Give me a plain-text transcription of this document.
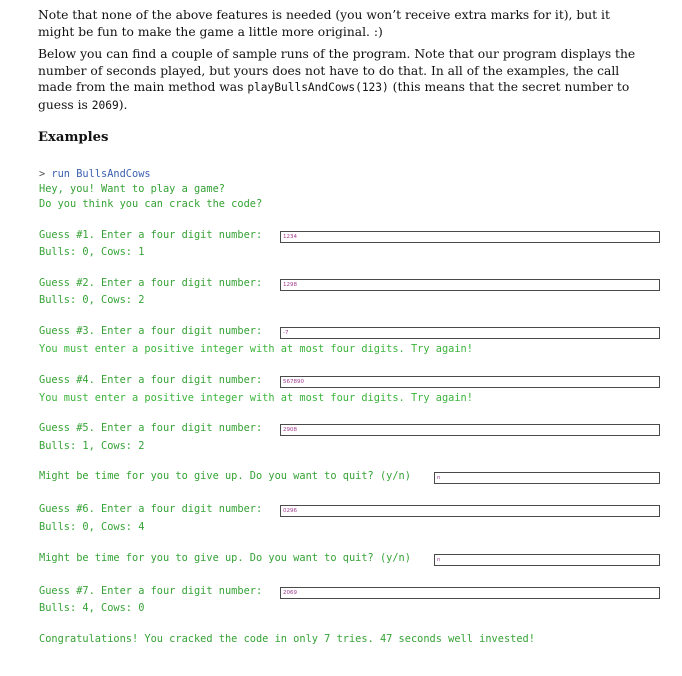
Note that none of the above features is needed (you won’t receive extra marks for it), but it might be fun to make the game a little more original. :)
Below you can find a couple of sample runs of the program. Note that our program displays the number of seconds played, but yours does not have to do that. In all of the examples, the call made from the main method was playBullsAndCows(123) (this means that the secret number to guess is 2069).
Examples
> run BullsAndCows
Hey, you! Want to play a game?
Do you think you can crack the code?
Guess #1. Enter a four digit number:	1234
Bulls: 0, Cows: 1
Guess #2. Enter a four digit number:	1298
Bulls: 0, Cows: 2
Guess #3. Enter a four digit number:	-7
You must enter a positive integer with at most four digits. Try again!
Guess #4. Enter a four digit number:	567890
You must enter a positive integer with at most four digits. Try again!
Guess #5. Enter a four digit number:	2908
Bulls: 1, Cows: 2
Might be time for you to give up. Do you want to quit? (y/n)	n
Guess #6. Enter a four digit number:	0296
Bulls: 0, Cows: 4
Might be time for you to give up. Do you want to quit? (y/n)	n
Guess #7. Enter a four digit number:	2069
Bulls: 4, Cows: 0
Congratulations! You cracked the code in only 7 tries. 47 seconds well invested!
